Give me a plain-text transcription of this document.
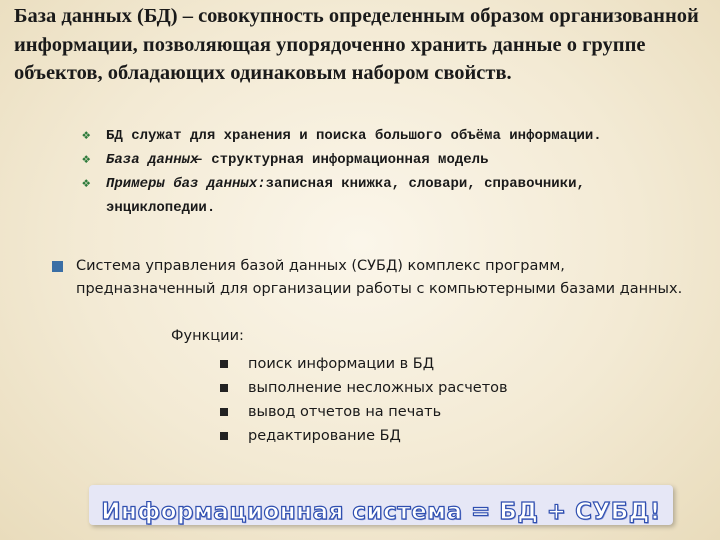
База данных (БД) – совокупность определенным образом организованной информации, позволяющая упорядоченно хранить данные о группе объектов, обладающих одинаковым набором свойств.

❖ БД служат для хранения и поиска большого объёма информации.
❖ База данных– структурная информационная модель
❖ Примеры баз данных:записная книжка, словари, справочники, энциклопедии.
Система управления базой данных (СУБД) комплекс программ, предназначенный для организации работы с компьютерными базами данных.
Функции:
поиск информации в БД
выполнение несложных расчетов
вывод отчетов на печать
редактирование БД
Информационная система = БД + СУБД!
